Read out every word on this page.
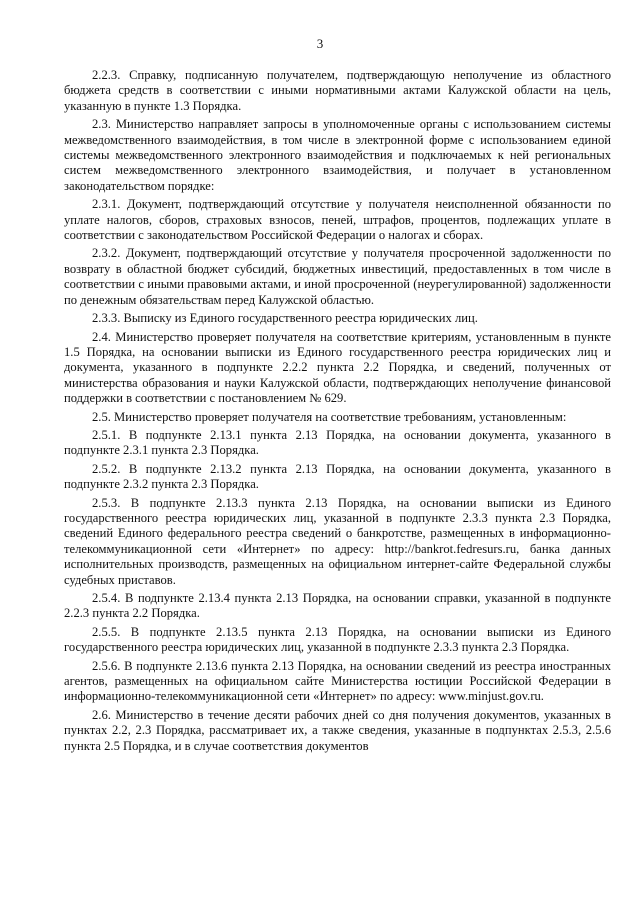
3

2.2.3. Справку, подписанную получателем, подтверждающую неполучение из областного бюджета средств в соответствии с иными нормативными актами Калужской области на цель, указанную в пункте 1.3 Порядка.

2.3. Министерство направляет запросы в уполномоченные органы с использованием системы межведомственного взаимодействия, в том числе в электронной форме с использованием единой системы межведомственного электронного взаимодействия и подключаемых к ней региональных систем межведомственного электронного взаимодействия, и получает в установленном законодательством порядке:

2.3.1. Документ, подтверждающий отсутствие у получателя неисполненной обязанности по уплате налогов, сборов, страховых взносов, пеней, штрафов, процентов, подлежащих уплате в соответствии с законодательством Российской Федерации о налогах и сборах.

2.3.2. Документ, подтверждающий отсутствие у получателя просроченной задолженности по возврату в областной бюджет субсидий, бюджетных инвестиций, предоставленных в том числе в соответствии с иными правовыми актами, и иной просроченной (неурегулированной) задолженности по денежным обязательствам перед Калужской областью.

2.3.3. Выписку из Единого государственного реестра юридических лиц.

2.4. Министерство проверяет получателя на соответствие критериям, установленным в пункте 1.5 Порядка, на основании выписки из Единого государственного реестра юридических лиц и документа, указанного в подпункте 2.2.2 пункта 2.2 Порядка, и сведений, полученных от министерства образования и науки Калужской области, подтверждающих неполучение финансовой поддержки в соответствии с постановлением № 629.

2.5. Министерство проверяет получателя на соответствие требованиям, установленным:

2.5.1. В подпункте 2.13.1 пункта 2.13 Порядка, на основании документа, указанного в подпункте 2.3.1 пункта 2.3 Порядка.

2.5.2. В подпункте 2.13.2 пункта 2.13 Порядка, на основании документа, указанного в подпункте 2.3.2 пункта 2.3 Порядка.

2.5.3. В подпункте 2.13.3 пункта 2.13 Порядка, на основании выписки из Единого государственного реестра юридических лиц, указанной в подпункте 2.3.3 пункта 2.3 Порядка, сведений Единого федерального реестра сведений о банкротстве, размещенных в информационно-телекоммуникационной сети «Интернет» по адресу: http://bankrot.fedresurs.ru, банка данных исполнительных производств, размещенных на официальном интернет-сайте Федеральной службы судебных приставов.

2.5.4. В подпункте 2.13.4 пункта 2.13 Порядка, на основании справки, указанной в подпункте 2.2.3 пункта 2.2 Порядка.

2.5.5. В подпункте 2.13.5 пункта 2.13 Порядка, на основании выписки из Единого государственного реестра юридических лиц, указанной в подпункте 2.3.3 пункта 2.3 Порядка.

2.5.6. В подпункте 2.13.6 пункта 2.13 Порядка, на основании сведений из реестра иностранных агентов, размещенных на официальном сайте Министерства юстиции Российской Федерации в информационно-телекоммуникационной сети «Интернет» по адресу: www.minjust.gov.ru.

2.6. Министерство в течение десяти рабочих дней со дня получения документов, указанных в пунктах 2.2, 2.3 Порядка, рассматривает их, а также сведения, указанные в подпунктах 2.5.3, 2.5.6 пункта 2.5 Порядка, и в случае соответствия документов
